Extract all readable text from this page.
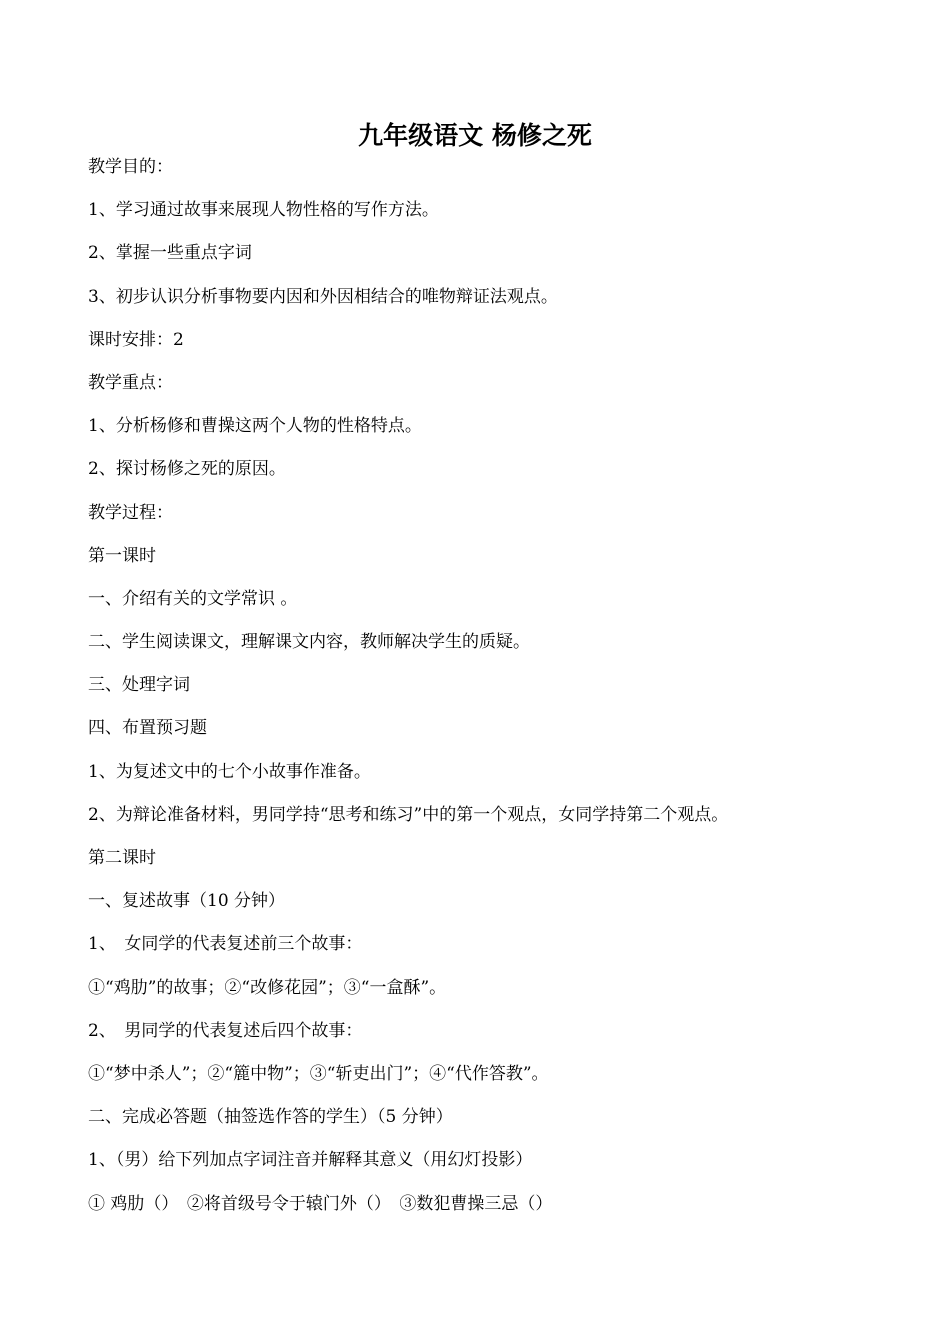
九年级语文 杨修之死
教学目的：
1、学习通过故事来展现人物性格的写作方法。
2、掌握一些重点字词
3、初步认识分析事物要内因和外因相结合的唯物辩证法观点。
课时安排：2
教学重点：
1、分析杨修和曹操这两个人物的性格特点。
2、探讨杨修之死的原因。
教学过程：
第一课时
一、介绍有关的文学常识 。
二、学生阅读课文，理解课文内容，教师解决学生的质疑。
三、处理字词
四、布置预习题
1、为复述文中的七个小故事作准备。
2、为辩论准备材料，男同学持“思考和练习”中的第一个观点，女同学持第二个观点。
第二课时
一、复述故事（10 分钟）
1、　女同学的代表复述前三个故事：
①“鸡肋”的故事；②“改修花园”；③“一盒酥”。
2、　男同学的代表复述后四个故事：
①“梦中杀人”；②“簏中物”；③“斩吏出门”；④“代作答教”。
二、完成必答题（抽签选作答的学生）（5 分钟）
1、（男）给下列加点字词注音并解释其意义（用幻灯投影）
① 鸡肋（）　②将首级号令于辕门外（）　③数犯曹操三忌（）
